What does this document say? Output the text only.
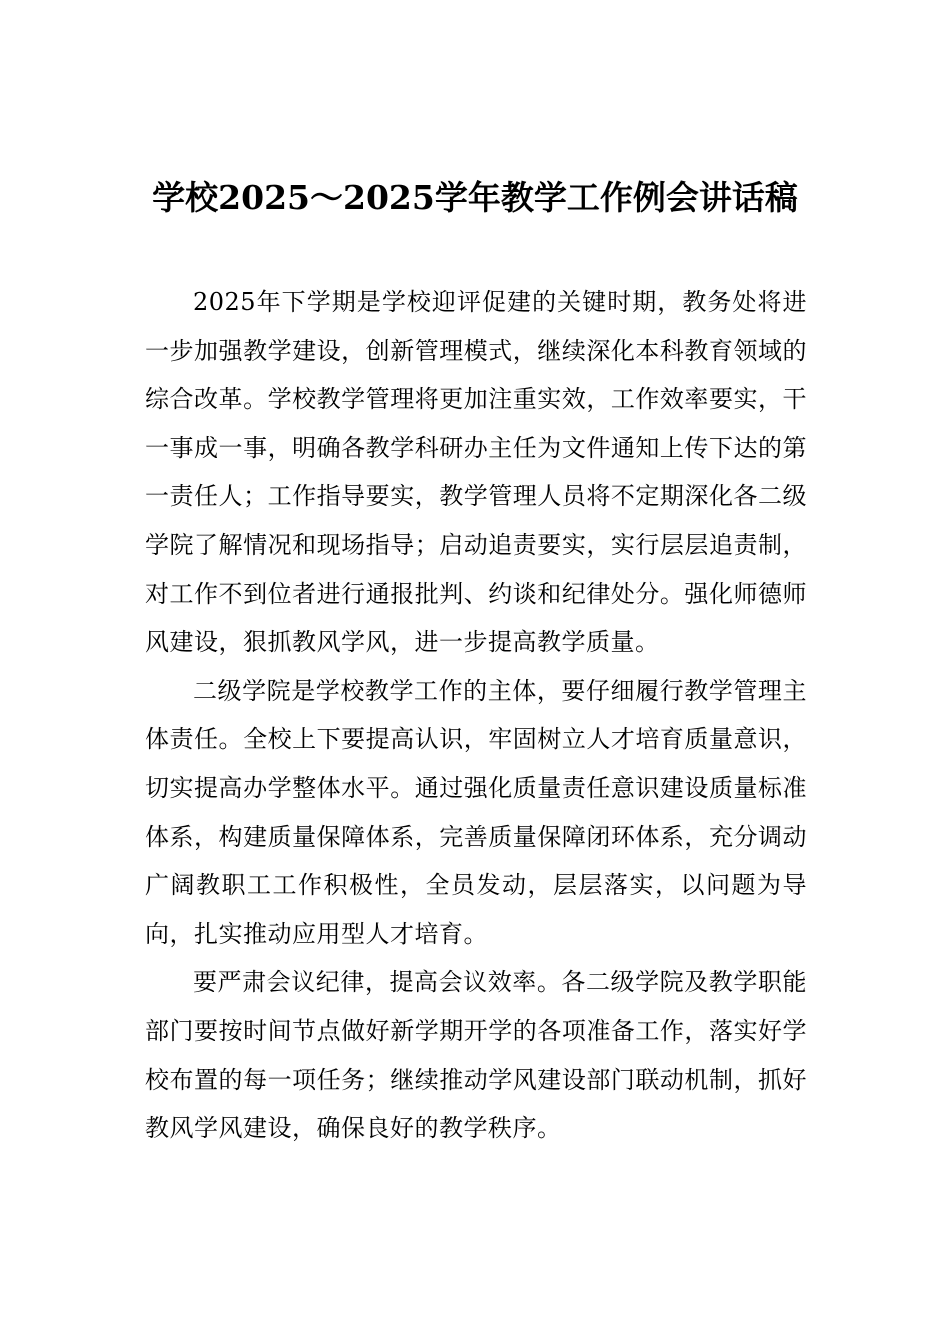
学校2025～2025学年教学工作例会讲话稿

2025年下学期是学校迎评促建的关键时期，教务处将进一步加强教学建设，创新管理模式，继续深化本科教育领域的综合改革。学校教学管理将更加注重实效，工作效率要实，干一事成一事，明确各教学科研办主任为文件通知上传下达的第一责任人；工作指导要实，教学管理人员将不定期深化各二级学院了解情况和现场指导；启动追责要实，实行层层追责制，对工作不到位者进行通报批判、约谈和纪律处分。强化师德师风建设，狠抓教风学风，进一步提高教学质量。

二级学院是学校教学工作的主体，要仔细履行教学管理主体责任。全校上下要提高认识，牢固树立人才培育质量意识，切实提高办学整体水平。通过强化质量责任意识建设质量标准体系，构建质量保障体系，完善质量保障闭环体系，充分调动广阔教职工工作积极性，全员发动，层层落实，以问题为导向，扎实推动应用型人才培育。

要严肃会议纪律，提高会议效率。各二级学院及教学职能部门要按时间节点做好新学期开学的各项准备工作，落实好学校布置的每一项任务；继续推动学风建设部门联动机制，抓好教风学风建设，确保良好的教学秩序。
